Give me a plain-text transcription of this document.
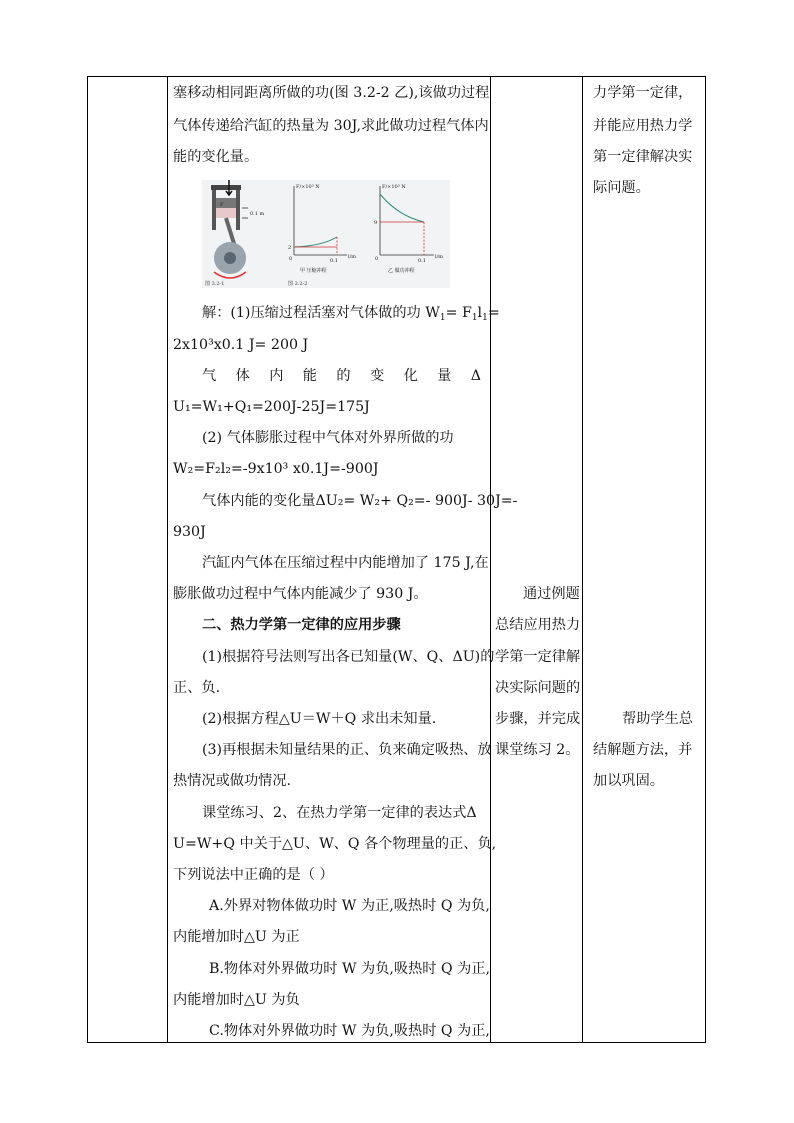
塞移动相同距离所做的功(图 3.2-2 乙),该做功过程
气体传递给汽缸的热量为 30J,求此做功过程气体内
能的变化量。
0.1 m
F
图 3.2-1
F/×10³ N
l/m
0	0.1
2
甲 压缩冲程
图 3.2-2
F/×10³ N
l/m
0	0.1
9
乙 做功冲程
解：(1)压缩过程活塞对气体做的功 $W_1= F_1l_1=$
2x10³x0.1 J= 200 J
气 体 内 能 的 变 化 量 Δ
U₁=W₁+Q₁=200J-25J=175J
(2) 气体膨胀过程中气体对外界所做的功
W₂=F₂l₂=-9x10³ x0.1J=-900J
气体内能的变化量ΔU₂= W₂+ Q₂=- 900J- 30J=-
930J
汽缸内气体在压缩过程中内能增加了 175 J,在
膨胀做功过程中气体内能减少了 930 J。
二、热力学第一定律的应用步骤
(1)根据符号法则写出各已知量(W、Q、ΔU)的
正、负.
(2)根据方程△U＝W＋Q 求出未知量.
(3)再根据未知量结果的正、负来确定吸热、放
热情况或做功情况.
课堂练习、2、在热力学第一定律的表达式Δ
U=W+Q 中关于△U、W、Q 各个物理量的正、负,
下列说法中正确的是（ ）
A.外界对物体做功时 W 为正,吸热时 Q 为负,
内能增加时△U 为正
B.物体对外界做功时 W 为负,吸热时 Q 为正,
内能增加时△U 为负
C.物体对外界做功时 W 为负,吸热时 Q 为正,
通过例题
总结应用热力
学第一定律解
决实际问题的
步骤，并完成
课堂练习 2。
力学第一定律，
并能应用热力学
第一定律解决实
际问题。
帮助学生总
结解题方法，并
加以巩固。
